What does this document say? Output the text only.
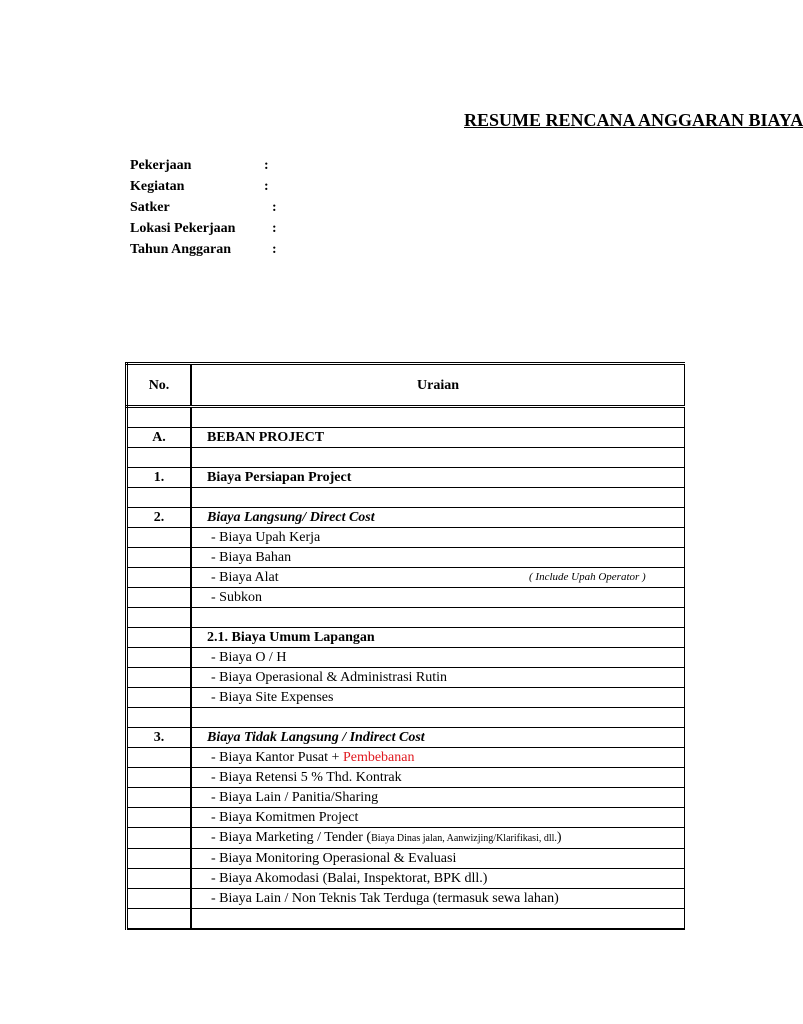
RESUME RENCANA ANGGARAN BIAYA
Pekerjaan	:
Kegiatan	:
Satker	:
Lokasi Pekerjaan	:
Tahun Anggaran	:
No.	Uraian

A.	BEBAN PROJECT

1.	Biaya Persiapan Project

2.	Biaya Langsung/ Direct Cost
	- Biaya Upah Kerja
	- Biaya Bahan
	- Biaya Alat ( Include Upah Operator )

	- Subkon

	2.1. Biaya Umum Lapangan
	- Biaya O / H
	- Biaya Operasional & Administrasi Rutin
	- Biaya Site Expenses

3.	Biaya Tidak Langsung / Indirect Cost
	- Biaya Kantor Pusat + Pembebanan
	- Biaya Retensi 5 % Thd. Kontrak
	- Biaya Lain / Panitia/Sharing
	- Biaya Komitmen Project
	- Biaya Marketing / Tender (Biaya Dinas jalan, Aanwizjing/Klarifikasi, dll.)
	- Biaya Monitoring Operasional & Evaluasi
	- Biaya Akomodasi (Balai, Inspektorat, BPK dll.)
	- Biaya Lain / Non Teknis Tak Terduga (termasuk sewa lahan)
